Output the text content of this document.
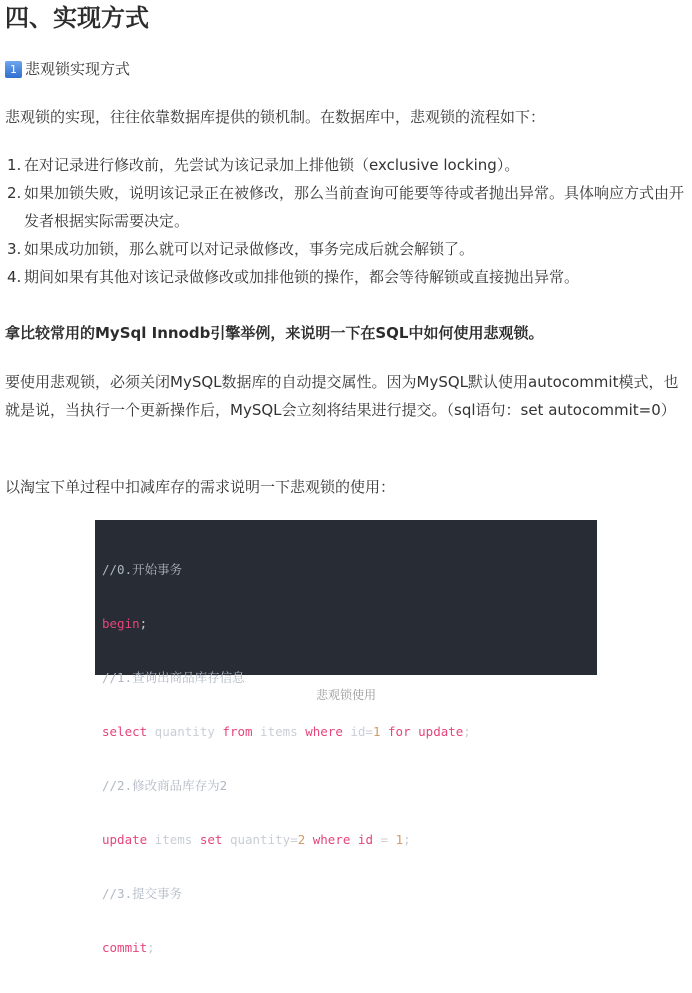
四、实现方式
1 悲观锁实现方式

悲观锁的实现，往往依靠数据库提供的锁机制。在数据库中，悲观锁的流程如下：

1. 在对记录进行修改前，先尝试为该记录加上排他锁（exclusive locking）。
2. 如果加锁失败，说明该记录正在被修改，那么当前查询可能要等待或者抛出异常。具体响应方式由开发者根据实际需要决定。
3. 如果成功加锁，那么就可以对记录做修改，事务完成后就会解锁了。
4. 期间如果有其他对该记录做修改或加排他锁的操作，都会等待解锁或直接抛出异常。
拿比较常用的MySql Innodb引擎举例，来说明一下在SQL中如何使用悲观锁。

要使用悲观锁，必须关闭MySQL数据库的自动提交属性。因为MySQL默认使用autocommit模式，也就是说，当执行一个更新操作后，MySQL会立刻将结果进行提交。（sql语句：set autocommit=0）

以淘宝下单过程中扣减库存的需求说明一下悲观锁的使用：

//0.开始事务

begin;

//1.查询出商品库存信息

select quantity from items where id=1 for update;

//2.修改商品库存为2

update items set quantity=2 where id = 1;

//3.提交事务

commit;

悲观锁使用
